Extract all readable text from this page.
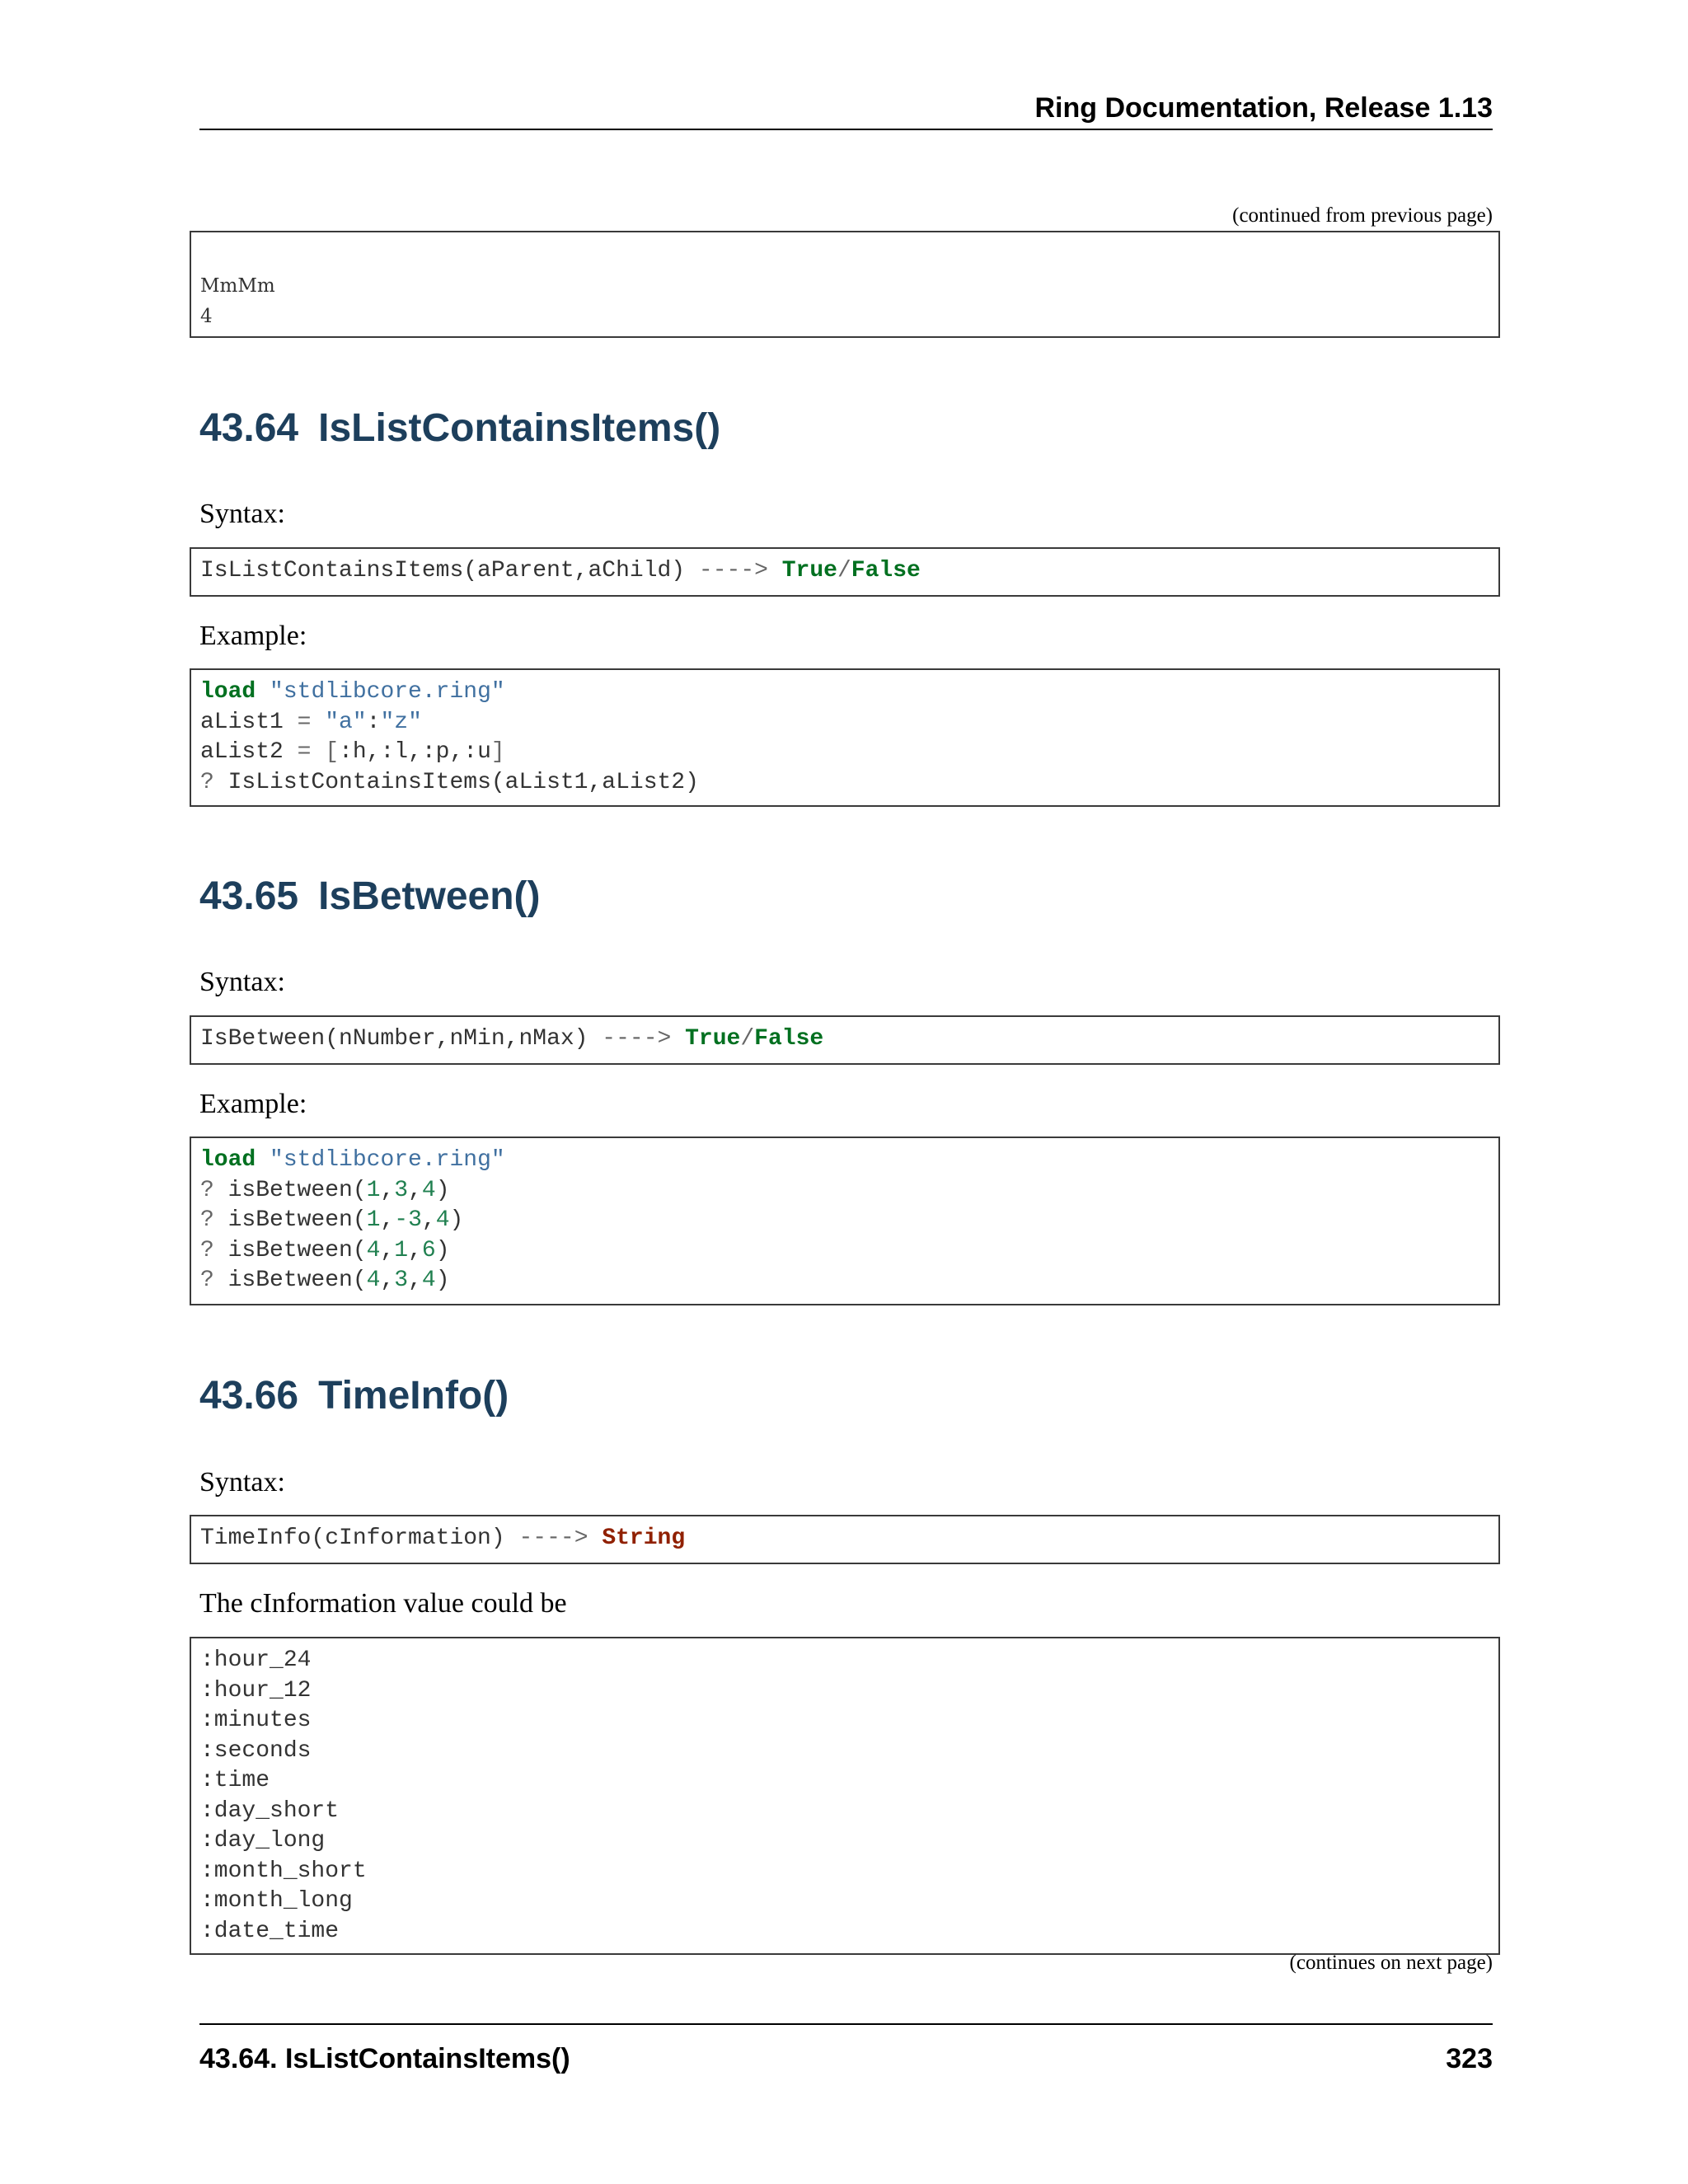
Ring Documentation, Release 1.13
(continued from previous page)
MmMm
4
43.64 IsListContainsItems()

Syntax:

IsListContainsItems(aParent,aChild) ----> True/False

Example:

load "stdlibcore.ring"
aList1 = "a":"z"
aList2 = [:h,:l,:p,:u]
? IsListContainsItems(aList1,aList2)
43.65 IsBetween()

Syntax:

IsBetween(nNumber,nMin,nMax) ----> True/False

Example:

load "stdlibcore.ring"
? isBetween(1,3,4)
? isBetween(1,-3,4)
? isBetween(4,1,6)
? isBetween(4,3,4)
43.66 TimeInfo()

Syntax:

TimeInfo(cInformation) ----> String

The cInformation value could be

:hour_24
:hour_12
:minutes
:seconds
:time
:day_short
:day_long
:month_short
:month_long
:date_time
(continues on next page)
43.64. IsListContainsItems()	323
